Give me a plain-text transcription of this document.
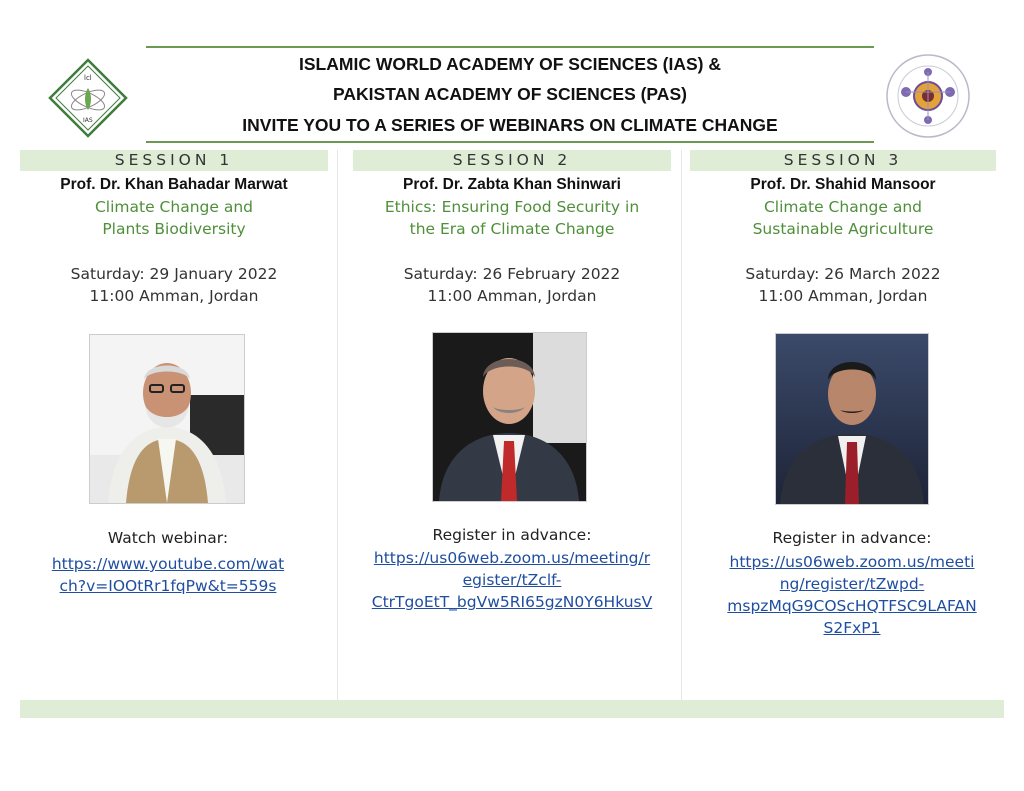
ISLAMIC WORLD ACADEMY OF SCIENCES (IAS) &
PAKISTAN ACADEMY OF SCIENCES (PAS)
INVITE YOU TO A SERIES OF WEBINARS ON CLIMATE CHANGE
lcl
IAS
SESSION 1
Prof. Dr. Khan Bahadar Marwat
Climate Change and
Plants Biodiversity
Saturday: 29 January 2022
11:00 Amman, Jordan
Watch webinar:
https://www.youtube.com/wat
ch?v=IOOtRr1fqPw&t=559s
SESSION 2
Prof. Dr. Zabta Khan Shinwari
Ethics: Ensuring Food Security in
the Era of Climate Change
Saturday: 26 February 2022
11:00 Amman, Jordan
Register in advance:
https://us06web.zoom.us/meeting/r
egister/tZclf-
CtrTgoEtT_bgVw5RI65gzN0Y6HkusV
SESSION 3
Prof. Dr. Shahid Mansoor
Climate Change and
Sustainable Agriculture
Saturday: 26 March 2022
11:00 Amman, Jordan
Register in advance:
https://us06web.zoom.us/meeti
ng/register/tZwpd-
mspzMqG9COScHQTFSC9LAFAN
S2FxP1
